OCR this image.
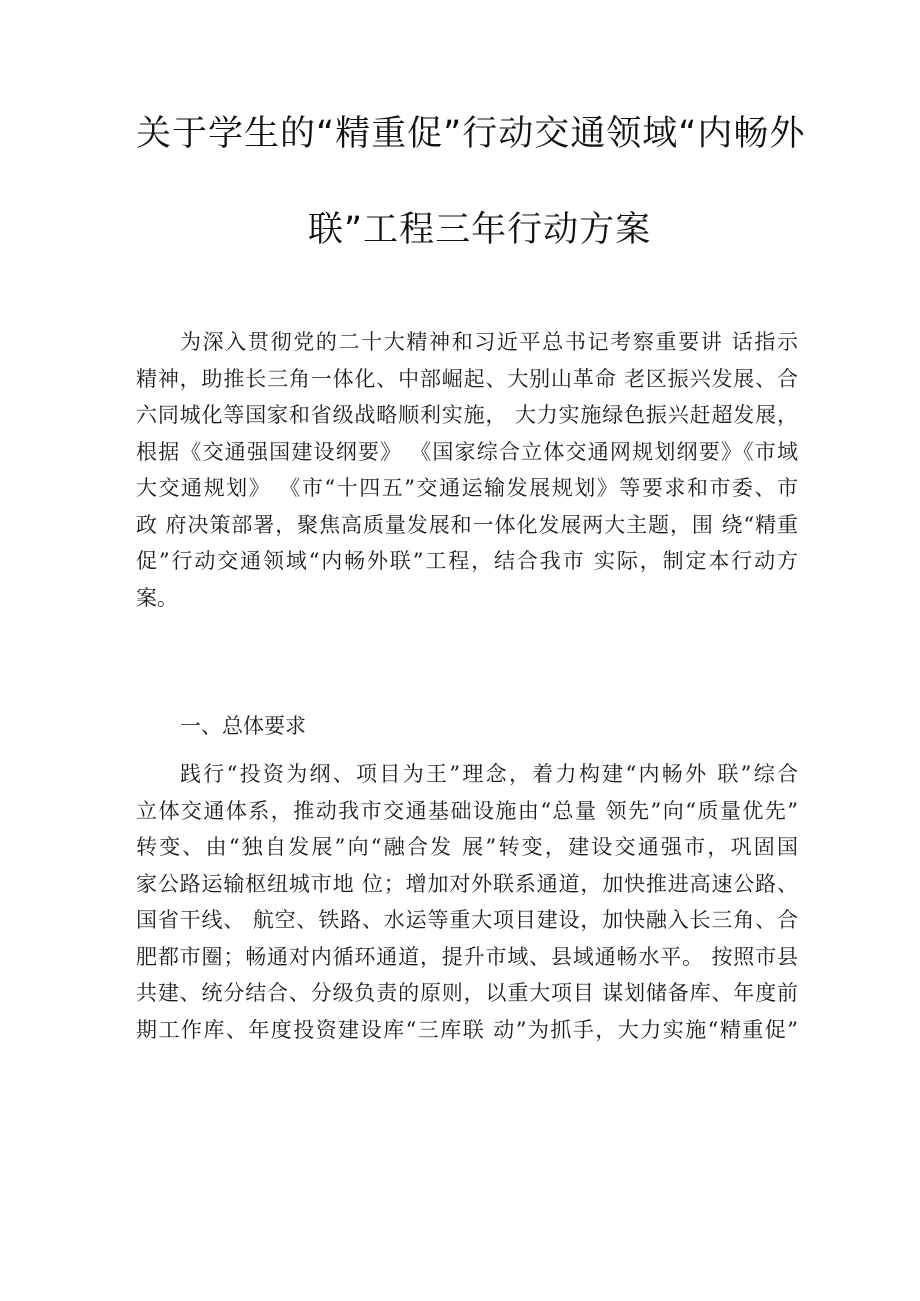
关于学生的“精重促”行动交通领域“内畅外
联”工程三年行动方案
为深入贯彻党的二十大精神和习近平总书记考察重要讲 话指示
精神，助推长三角一体化、中部崛起、大别山革命 老区振兴发展、合
六同城化等国家和省级战略顺利实施， 大力实施绿色振兴赶超发展，
根据《交通强国建设纲要》 《国家综合立体交通网规划纲要》《市域
大交通规划》 《市“十四五”交通运输发展规划》等要求和市委、市
政 府决策部署，聚焦高质量发展和一体化发展两大主题，围 绕“精重
促”行动交通领域“内畅外联”工程，结合我市 实际，制定本行动方
案。
一、总体要求
践行“投资为纲、项目为王”理念，着力构建“内畅外 联”综合
立体交通体系，推动我市交通基础设施由“总量 领先”向“质量优先”
转变、由“独自发展”向“融合发 展”转变，建设交通强市，巩固国
家公路运输枢纽城市地 位；增加对外联系通道，加快推进高速公路、
国省干线、 航空、铁路、水运等重大项目建设，加快融入长三角、合
肥都市圈；畅通对内循环通道，提升市域、县域通畅水平。 按照市县
共建、统分结合、分级负责的原则，以重大项目 谋划储备库、年度前
期工作库、年度投资建设库“三库联 动”为抓手，大力实施“精重促”
